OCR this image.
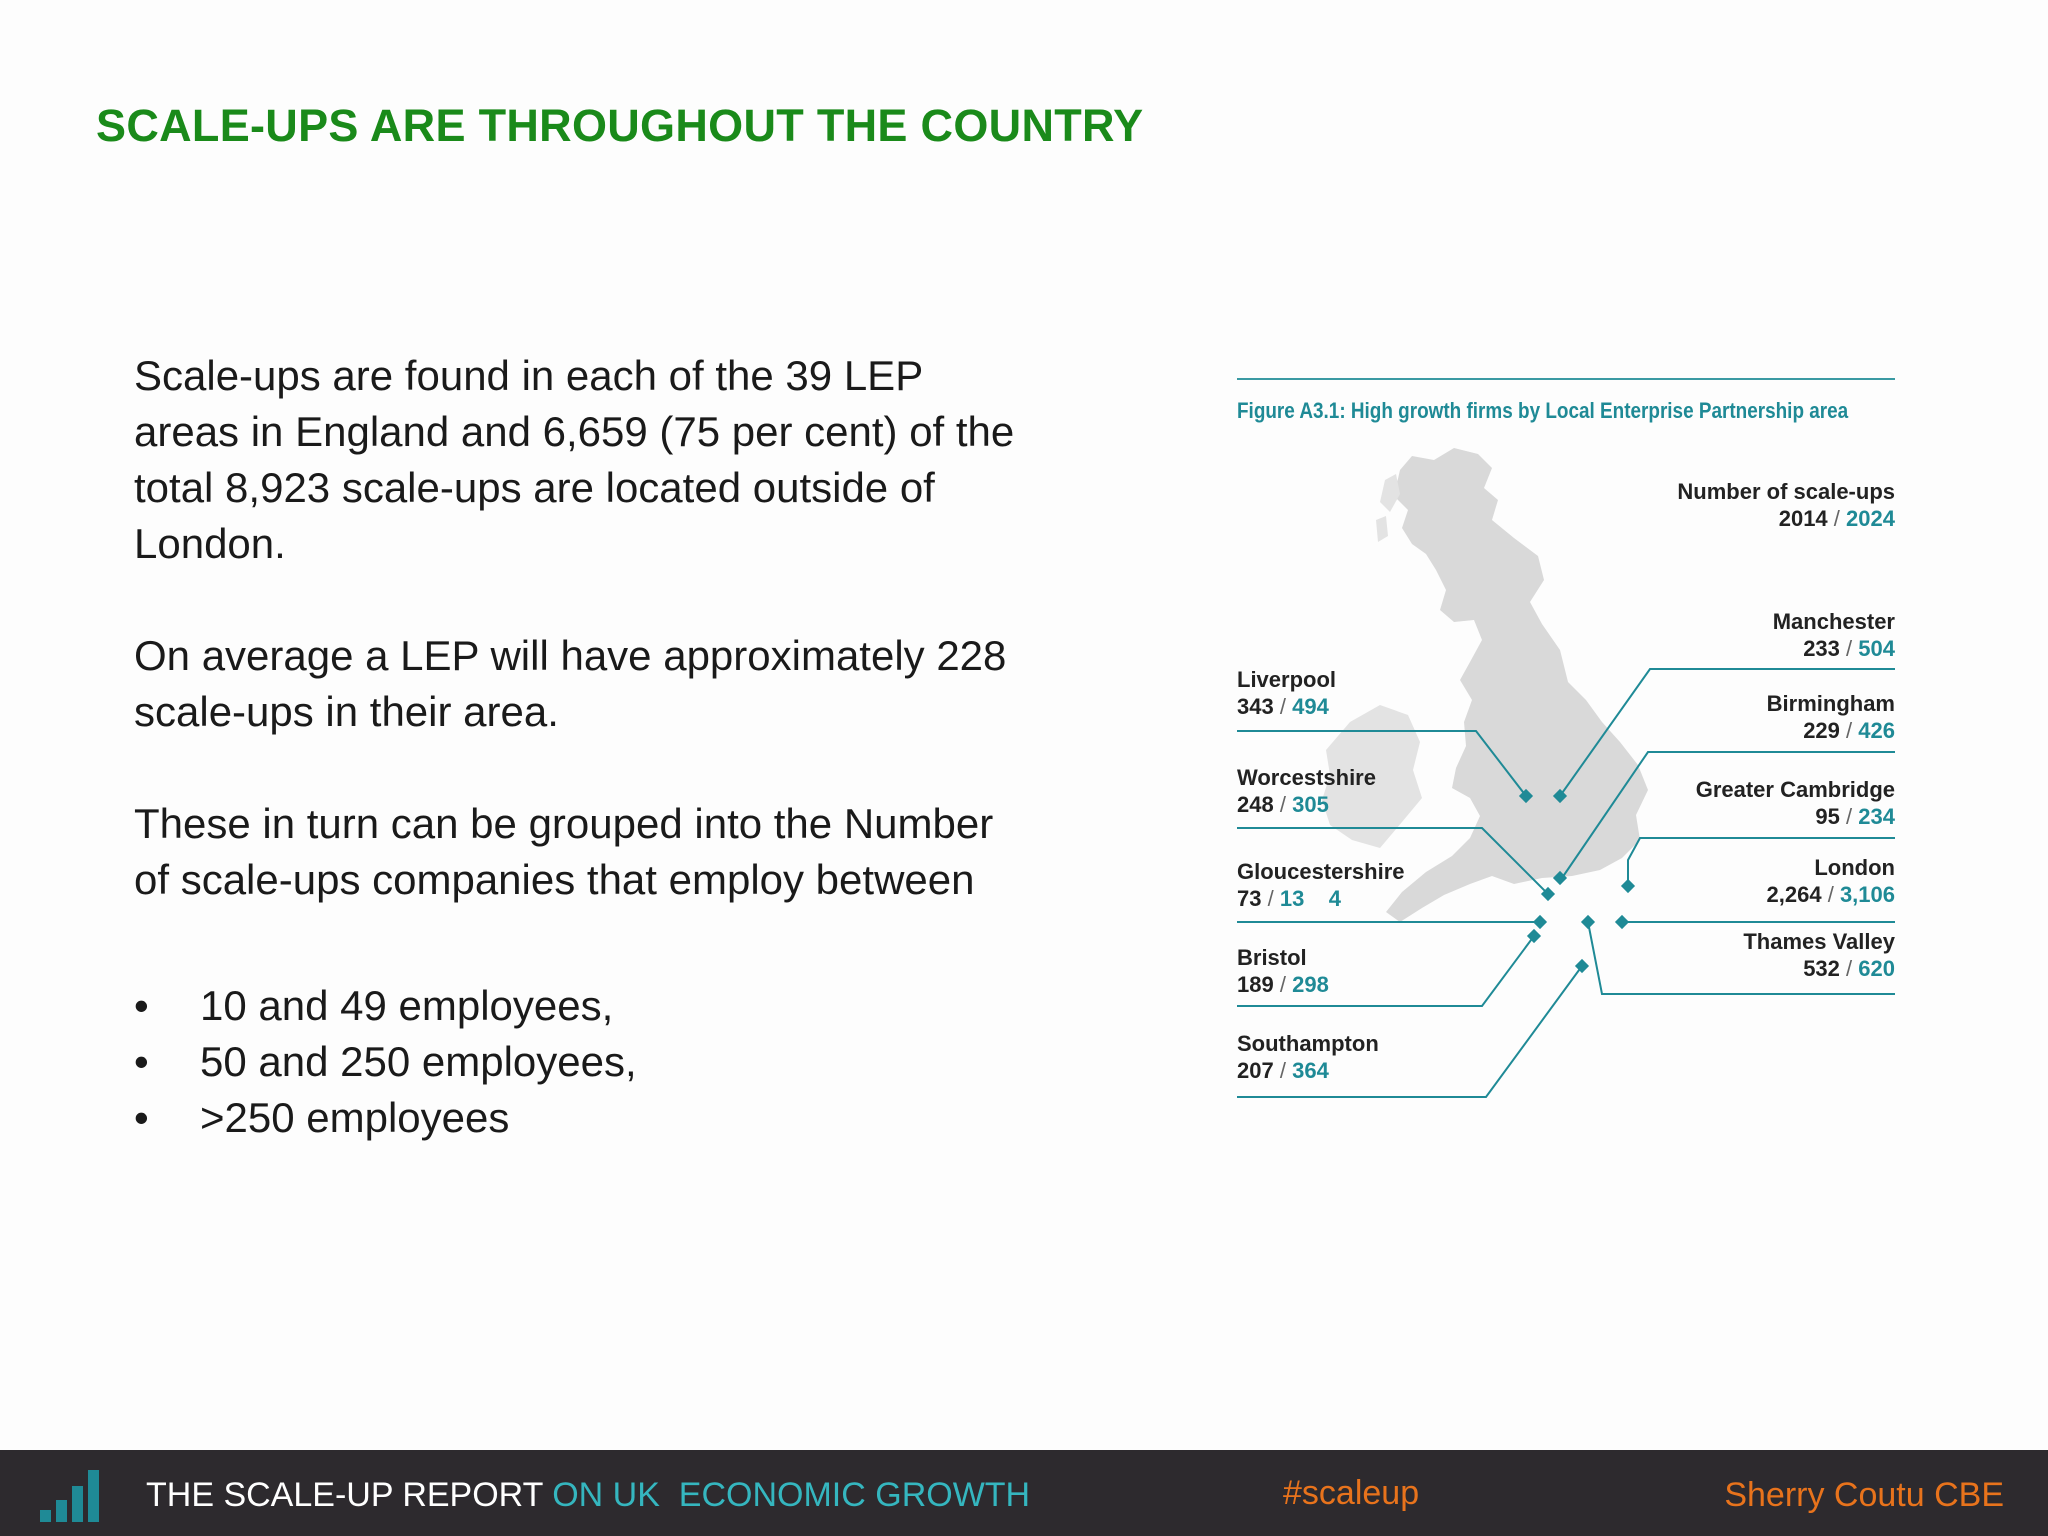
SCALE-UPS ARE THROUGHOUT THE COUNTRY

Scale-ups are found in each of the 39 LEP areas in England and 6,659 (75 per cent) of the total 8,923 scale-ups are located outside of London.

On average a LEP will have approximately 228 scale-ups in their area.

These in turn can be grouped into the Number of scale-ups companies that employ between

•	10 and 49 employees,
•	50 and 250 employees,
•	>250 employees
Figure A3.1: High growth firms by Local Enterprise Partnership area
Number of scale-ups
2014 / 2024
Liverpool
343 / 494
Worcestshire
248 / 305
Gloucestershire
73 / 13    4
Bristol
189 / 298
Southampton
207 / 364
Manchester
233 / 504
Birmingham
229 / 426
Greater Cambridge
95 / 234
London
2,264 / 3,106
Thames Valley
532 / 620
THE SCALE-UP REPORT ON UK  ECONOMIC GROWTH	#scaleup	Sherry Coutu CBE
